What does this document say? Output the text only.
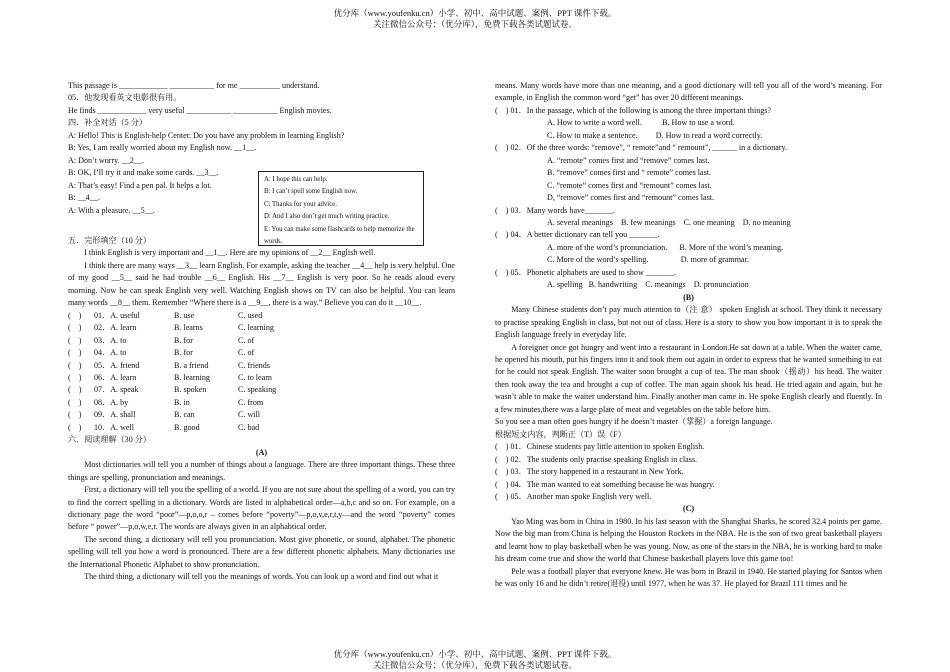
优分库（www.youfenku.cn）小学、初中、高中试题、案例、PPT 课件下载。
关注微信公众号：（优分库），免费下载各类试题试卷。
This passage is ____________ ___________ for me __________ understand.
05．他发现看英文电影很有用。
He finds ____________ very useful ___________ ___________ English movies.
四．补全对话（5 分）
A: Hello! This is English-help Center. Do you have any problem in learning English?
B: Yes, I am really worried about my English now. __1__.
A: Don’t worry. __2__.
B: OK, I’ll try it and make some cards. __3__.
A: That’s easy! Find a pen pal. It helps a lot.
B: __4__.
A: With a pleasure. __5__.
五．完形填空（10 分）
I think English is very important and __1__. Here are my opinions of __2__ English well.
I think there are many ways __3__ learn English. For example, asking the teacher __4__ help is very helpful. One of my good __5__ said he had trouble __6__ English. His __7__ English is very poor. So he reads aloud every morning. Now he can speak English very well. Watching English shows on TV can also be helpful. You can learn many words __8__ them. Remember “Where there is a __9__, there is a way.” Believe you can do it __10__.
(　) 01．A. useful	B. use	C. used
(　) 02．A. learn	B. learns	C. learning
(　) 03．A. to	B. for	C. of
(　) 04．A. to	B. for	C. of
(　) 05．A. friend	B. a friend	C. friends
(　) 06．A. learn	B. learning	C. to learn
(　) 07．A. speak	B. spoken	C. speaking
(　) 08．A. by	B. in	C. from
(　) 09．A. shall	B. can	C. will
(　) 10．A. well	B. good	C. bad
六．阅读理解（30 分）
(A)
Most dictionaries will tell you a number of things about a language. There are three important things. These three things are spelling, pronunciation and meanings.
First, a dictionary will tell you the spelling of a world. If you are not sure about the spelling of a word, you can try to find the correct spelling in a dictionary. Words are listed in alphabetical order—a,b,c and so on. For example, on a dictionary page the word “poor”—p,o,o,r – comes before “poverty”—p,o,v,e,r,t,y—and the word “poverty” comes before “ power”—p,o,w,e,r. The words are always given in an alphabtical order.
The second thing, a dictionary will tell you pronunciation. Most give phonetic, or sound, alphabet. The phonetic spelling will tell you how a word is pronounced. There are a few different phonetic alphabets. Many dictionaries use the International Phonetic Alphabet to show pronunciation.
The third thing, a dictionary will tell you the meanings of words. You can look up a word and find out what it
A: I hope this can help.
B: I can’t spell some English now.
C: Thanks for your advice.
D: And I also don’t get much writing practice.
E: You can make some flashcards to help memorize the words.
means. Many words have more than one meaning, and a good dictionary will tell you all of the word’s meaning. For example, in English the common word “get” has over 20 different meanings.
(　) 01．In the passage, which of the following is among the three important things?
A. How to write a word well.          B. How to use a word.
C. How to make a sentence.         D. How to read a word correctly.
(　) 02．Of the three words: “remove”, “ remote”and “ remount”, ______ in a dictionary.
A. “remote” comes first and “remove” comes last.
B. “remove” comes first and “ remote” comes last.
C. “remote” comes first and “remount” comes last.
D, “remove” comes first and “remount” comes last.
(　) 03．Many words have_______.
A. several meanings    B. few meanings    C. one meaning    D. no meaning
(　) 04．A better dictionary can tell you _______.
A. more of the word’s pronunciation.      B. More of the word’s meaning.
C. More of the word’s spelling.                D. more of grammar.
(　) 05．Phonetic alphabets are used to show _______.
A. spelling   B. handwriting    C. meanings    D. pronunciation
(B)
Many Chinese students don’t pay much attention to（注 意） spoken English at school. They think it necessary to practise speaking English in class, but not out of class. Here is a story to show you how important it is to speak the English language freely in everyday life.
A foreigner once got hungry and went into a restaurant in London.He sat down at a table. When the waiter came, he opened his mouth, put his fingers into it and took them out again in order to express that he wanted something to eat for he could not speak English. The waiter soon brought a cup of tea. The man shook（摇动）his head. The waiter then took away the tea and brought a cup of coffee. The man again shook his head. He tried again and again, but he wasn’t able to make the waiter understand him. Finally another man came in. He spoke English clearly and fluently. In a few minutes,there was a large plate of meat and vegetables on the table before him.
So you see a man often goes hungry if he doesn’t master（掌握）a foreign language.
根据短文内容，判断正（T）误（F）
(　) 01．Chinese students pay little attention to spoken English.
(　) 02．The students only practise speaking English in class.
(　) 03．The story happened in a restaurant in New York.
(　) 04．The man wanted to eat something because he was hungry.
(　) 05．Another man spoke English very well.
(C)
Yao Ming was born in China in 1980. In his last season with the Shanghai Sharks, he scored 32.4 points per game. Now the big man from China is helping the Houston Rockets in the NBA. He is the son of two great basketball players and learnt how to play basketball when he was young. Now, as one of the stars in the NBA, he is working hard to make his dream come true and show the world that Chinese basketball players love this game too!
Pele was a football player that everyone knew. He was born in Brazil in 1940. He started playing for Santos when he was only 16 and he didn’t retire(退役) until 1977, when he was 37. He played for Brazil 111 times and he
优分库（www.youfenku.cn）小学、初中、高中试题、案例、PPT 课件下载。
关注微信公众号：（优分库），免费下载各类试题试卷。
